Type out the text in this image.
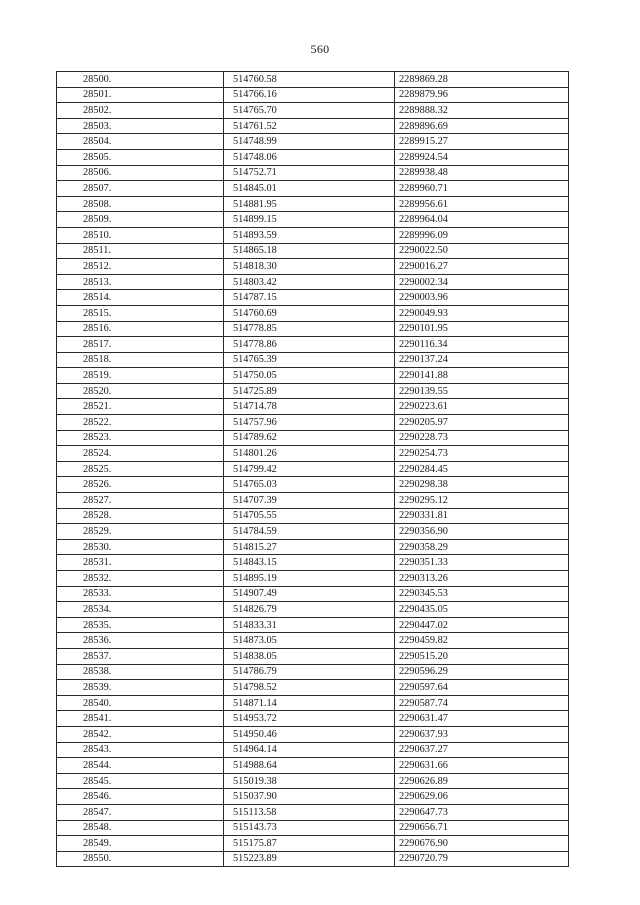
560
28500.	514760.58	2289869.28
28501.	514766.16	2289879.96
28502.	514765.70	2289888.32
28503.	514761.52	2289896.69
28504.	514748.99	2289915.27
28505.	514748.06	2289924.54
28506.	514752.71	2289938.48
28507.	514845.01	2289960.71
28508.	514881.95	2289956.61
28509.	514899.15	2289964.04
28510.	514893.59	2289996.09
28511.	514865.18	2290022.50
28512.	514818.30	2290016.27
28513.	514803.42	2290002.34
28514.	514787.15	2290003.96
28515.	514760.69	2290049.93
28516.	514778.85	2290101.95
28517.	514778.86	2290116.34
28518.	514765.39	2290137.24
28519.	514750.05	2290141.88
28520.	514725.89	2290139.55
28521.	514714.78	2290223.61
28522.	514757.96	2290205.97
28523.	514789.62	2290228.73
28524.	514801.26	2290254.73
28525.	514799.42	2290284.45
28526.	514765.03	2290298.38
28527.	514707.39	2290295.12
28528.	514705.55	2290331.81
28529.	514784.59	2290356.90
28530.	514815.27	2290358.29
28531.	514843.15	2290351.33
28532.	514895.19	2290313.26
28533.	514907.49	2290345.53
28534.	514826.79	2290435.05
28535.	514833.31	2290447.02
28536.	514873.05	2290459.82
28537.	514838.05	2290515.20
28538.	514786.79	2290596.29
28539.	514798.52	2290597.64
28540.	514871.14	2290587.74
28541.	514953.72	2290631.47
28542.	514950.46	2290637.93
28543.	514964.14	2290637.27
28544.	514988.64	2290631.66
28545.	515019.38	2290626.89
28546.	515037.90	2290629.06
28547.	515113.58	2290647.73
28548.	515143.73	2290656.71
28549.	515175.87	2290676.90
28550.	515223.89	2290720.79
